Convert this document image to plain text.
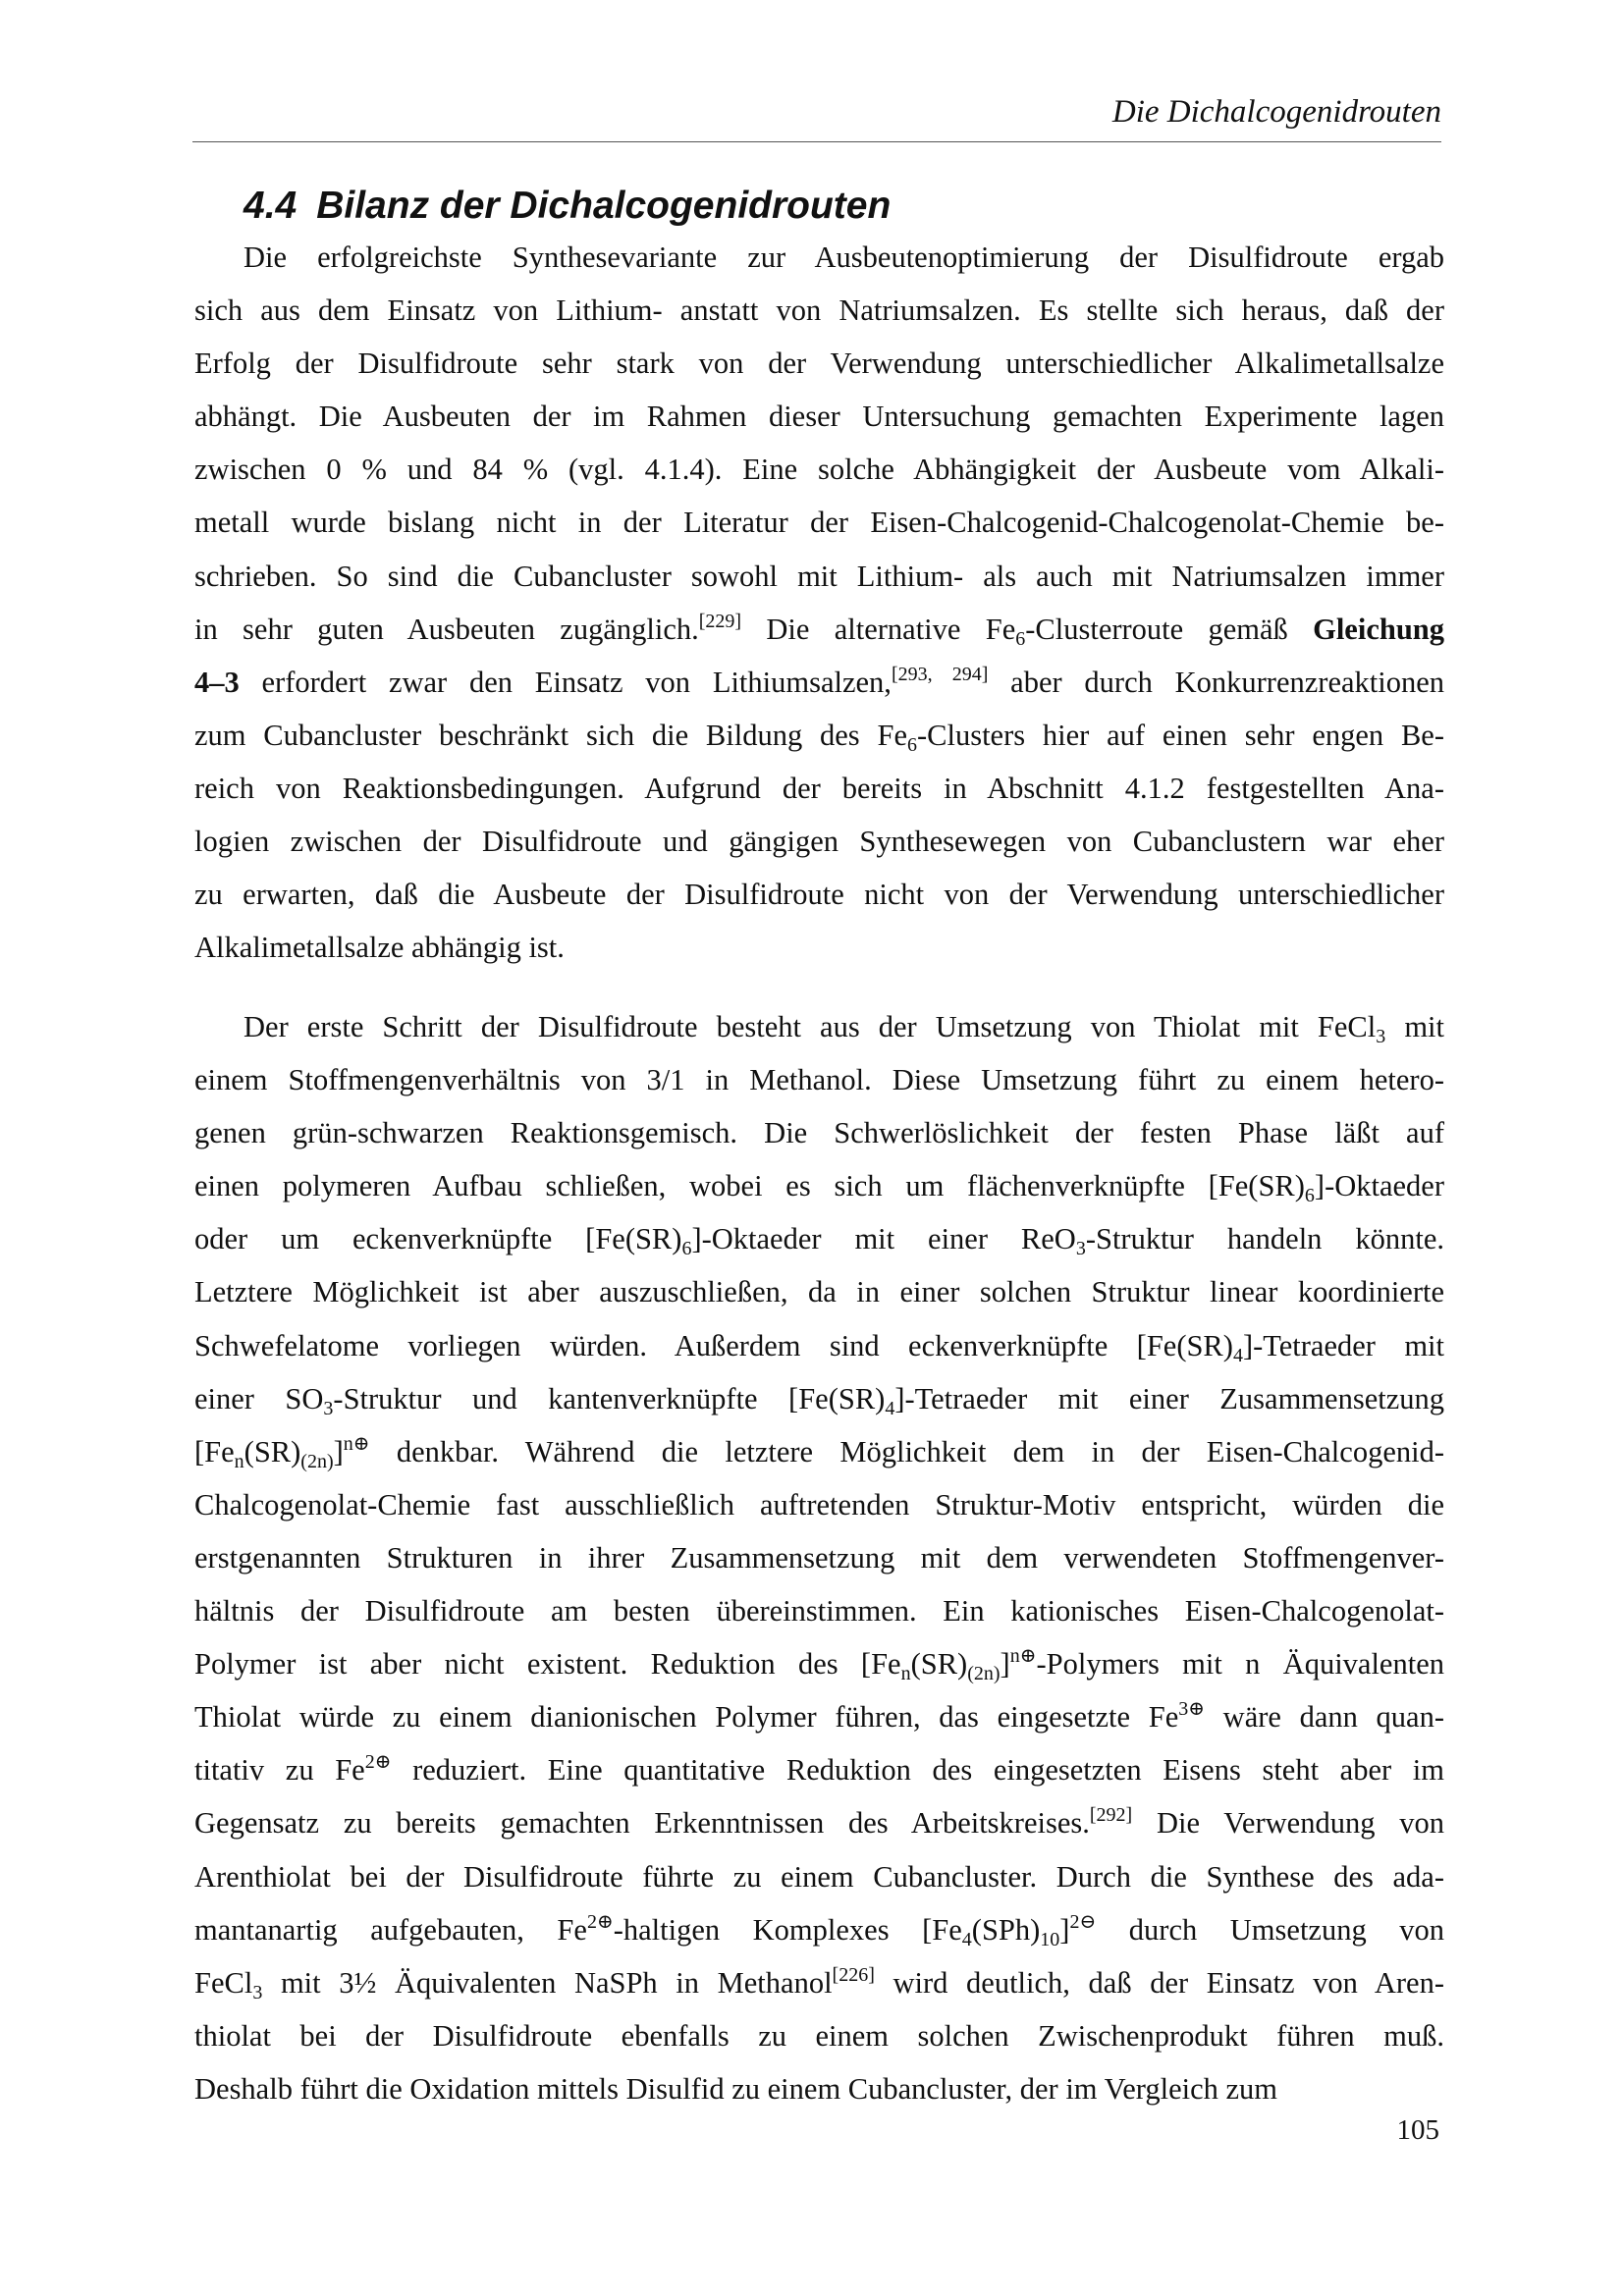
Die Dichalcogenidrouten
4.4 Bilanz der Dichalcogenidrouten
Die erfolgreichste Synthesevariante zur Ausbeutenoptimierung der Disulfidroute ergab
sich aus dem Einsatz von Lithium- anstatt von Natriumsalzen. Es stellte sich heraus, daß der
Erfolg der Disulfidroute sehr stark von der Verwendung unterschiedlicher Alkalimetallsalze
abhängt. Die Ausbeuten der im Rahmen dieser Untersuchung gemachten Experimente lagen
zwischen 0 % und 84 % (vgl. 4.1.4). Eine solche Abhängigkeit der Ausbeute vom Alkali-
metall wurde bislang nicht in der Literatur der Eisen-Chalcogenid-Chalcogenolat-Chemie be-
schrieben. So sind die Cubancluster sowohl mit Lithium- als auch mit Natriumsalzen immer
in sehr guten Ausbeuten zugänglich.[229] Die alternative $Fe_6$-Clusterroute gemäß Gleichung
4–3 erfordert zwar den Einsatz von Lithiumsalzen,[293, 294] aber durch Konkurrenzreaktionen
zum Cubancluster beschränkt sich die Bildung des $Fe_6$-Clusters hier auf einen sehr engen Be-
reich von Reaktionsbedingungen. Aufgrund der bereits in Abschnitt 4.1.2 festgestellten Ana-
logien zwischen der Disulfidroute und gängigen Synthesewegen von Cubanclustern war eher
zu erwarten, daß die Ausbeute der Disulfidroute nicht von der Verwendung unterschiedlicher
Alkalimetallsalze abhängig ist.
Der erste Schritt der Disulfidroute besteht aus der Umsetzung von Thiolat mit FeCl$_3$ mit
einem Stoffmengenverhältnis von 3/1 in Methanol. Diese Umsetzung führt zu einem hetero-
genen grün-schwarzen Reaktionsgemisch. Die Schwerlöslichkeit der festen Phase läßt auf
einen polymeren Aufbau schließen, wobei es sich um flächenverknüpfte $[Fe(SR)_6]$-Oktaeder
oder um eckenverknüpfte $[Fe(SR)_6]$-Oktaeder mit einer ReO$_3$-Struktur handeln könnte.
Letztere Möglichkeit ist aber auszuschließen, da in einer solchen Struktur linear koordinierte
Schwefelatome vorliegen würden. Außerdem sind eckenverknüpfte $[Fe(SR)_4]$-Tetraeder mit
einer $SO_3$-Struktur und kantenverknüpfte $[Fe(SR)_4]$-Tetraeder mit einer Zusammensetzung
$[Fe_n(SR)_{(2n)}]^{n\oplus}$ denkbar. Während die letztere Möglichkeit dem in der Eisen-Chalcogenid-
Chalcogenolat-Chemie fast ausschließlich auftretenden Struktur-Motiv entspricht, würden die
erstgenannten Strukturen in ihrer Zusammensetzung mit dem verwendeten Stoffmengenver-
hältnis der Disulfidroute am besten übereinstimmen. Ein kationisches Eisen-Chalcogenolat-
Polymer ist aber nicht existent. Reduktion des $[Fe_n(SR)_{(2n)}]^{n\oplus}$-Polymers mit n Äquivalenten
Thiolat würde zu einem dianionischen Polymer führen, das eingesetzte $Fe^{3\oplus}$ wäre dann quan-
titativ zu $Fe^{2\oplus}$ reduziert. Eine quantitative Reduktion des eingesetzten Eisens steht aber im
Gegensatz zu bereits gemachten Erkenntnissen des Arbeitskreises.[292] Die Verwendung von
Arenthiolat bei der Disulfidroute führte zu einem Cubancluster. Durch die Synthese des ada-
mantanartig aufgebauten, $Fe^{2\oplus}$-haltigen Komplexes $[Fe_4(SPh)_{10}]^{2⊖}$ durch Umsetzung von
FeCl$_3$ mit 3½ Äquivalenten NaSPh in Methanol[226] wird deutlich, daß der Einsatz von Aren-
thiolat bei der Disulfidroute ebenfalls zu einem solchen Zwischenprodukt führen muß.
Deshalb führt die Oxidation mittels Disulfid zu einem Cubancluster, der im Vergleich zum
105
